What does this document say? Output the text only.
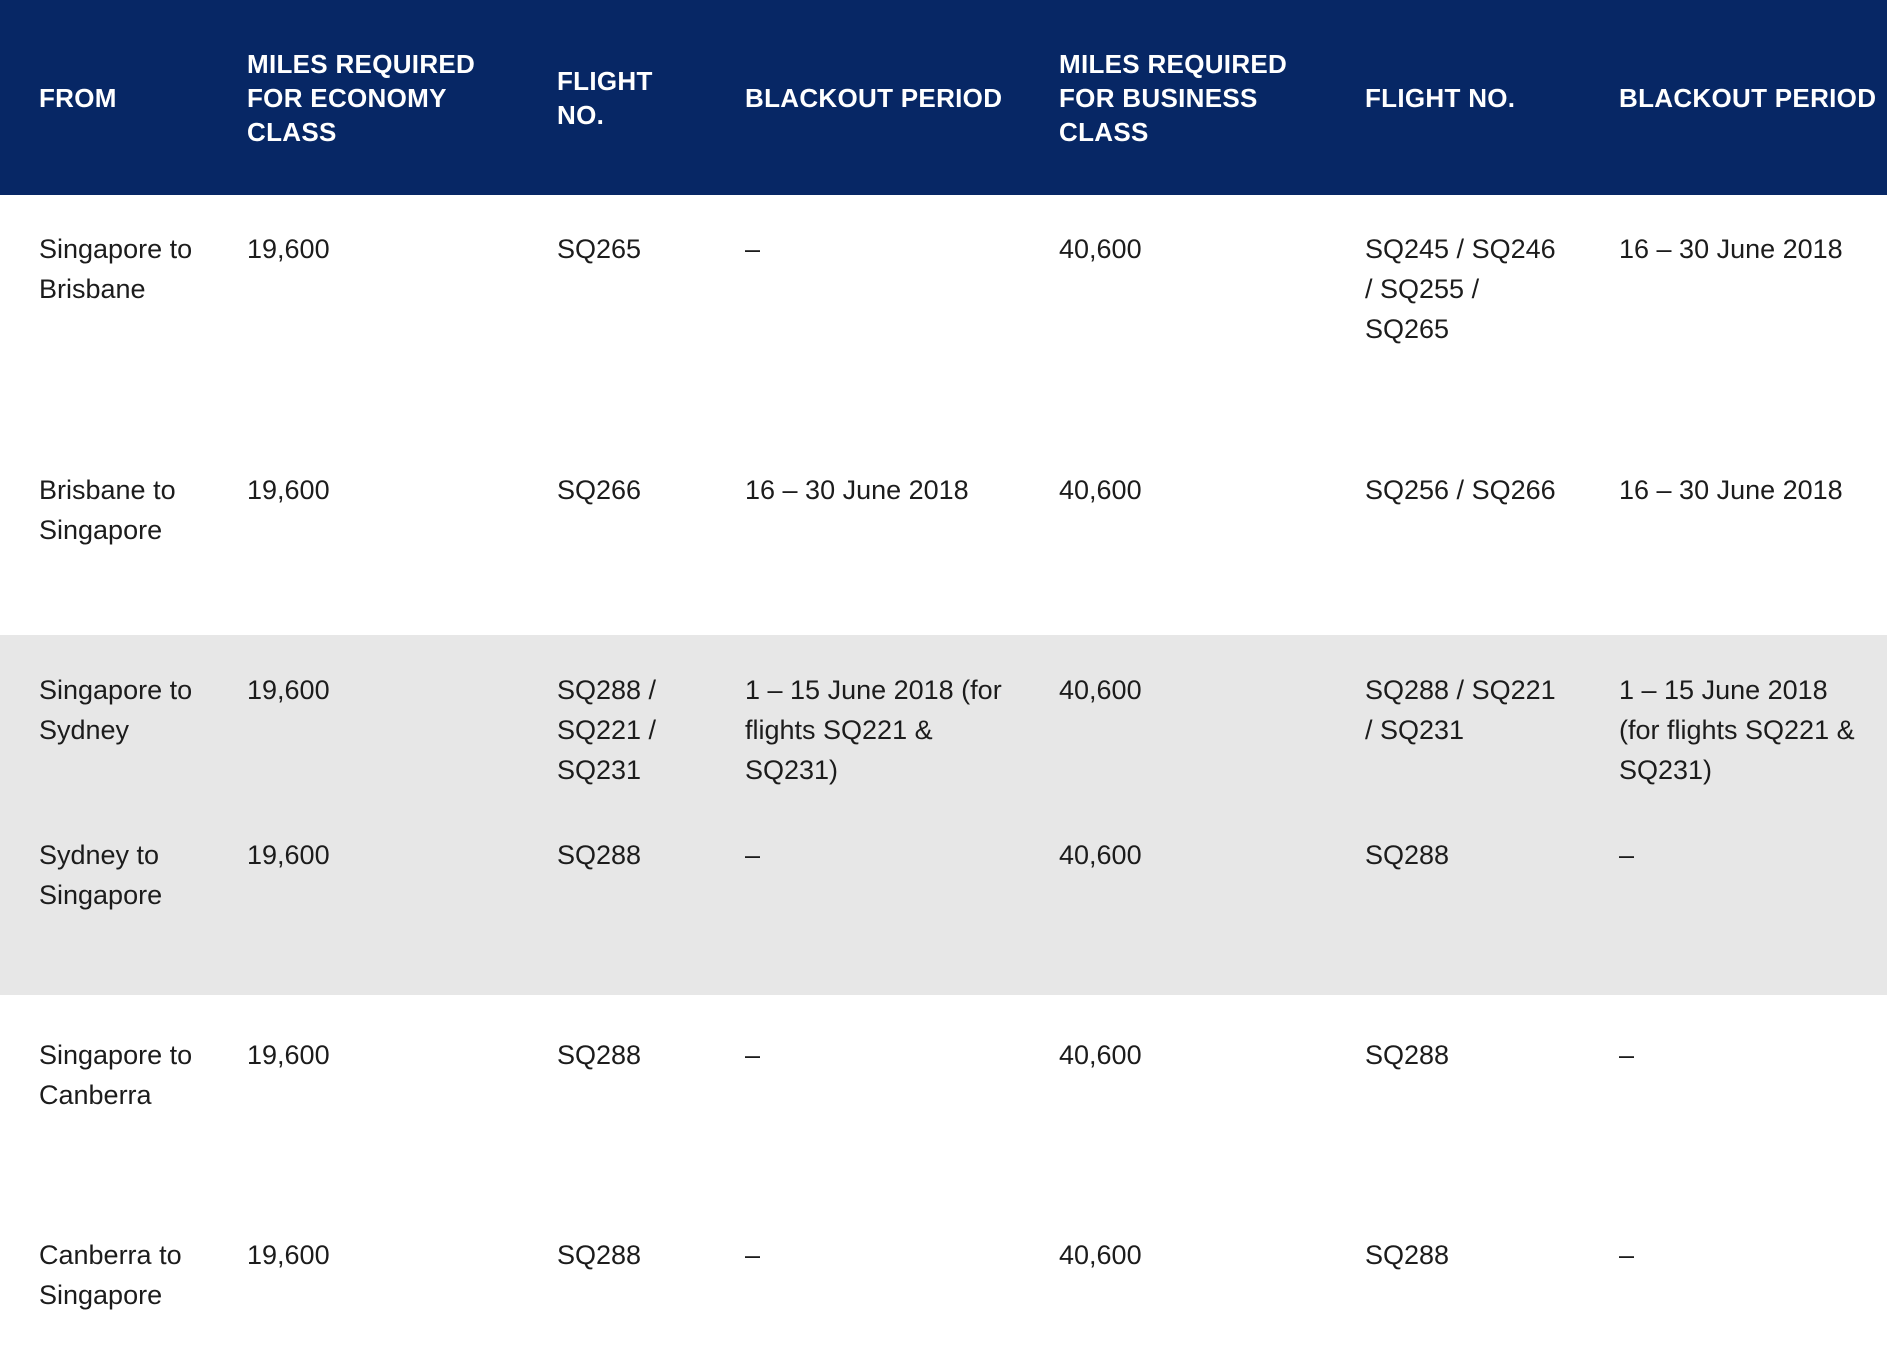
FROM	MILES REQUIRED FOR ECONOMY CLASS	FLIGHT NO.	BLACKOUT PERIOD	MILES REQUIRED FOR BUSINESS CLASS	FLIGHT NO.	BLACKOUT PERIOD
Singapore to Brisbane	19,600	SQ265	–	40,600	SQ245 / SQ246 / SQ255 / SQ265	16 – 30 June 2018
Brisbane to Singapore	19,600	SQ266	16 – 30 June 2018	40,600	SQ256 / SQ266	16 – 30 June 2018
Singapore to Sydney	19,600	SQ288 / SQ221 / SQ231	1 – 15 June 2018 (for flights SQ221 & SQ231)	40,600	SQ288 / SQ221 / SQ231	1 – 15 June 2018 (for flights SQ221 & SQ231)
Sydney to Singapore	19,600	SQ288	–	40,600	SQ288	–
Singapore to Canberra	19,600	SQ288	–	40,600	SQ288	–
Canberra to Singapore	19,600	SQ288	–	40,600	SQ288	–
